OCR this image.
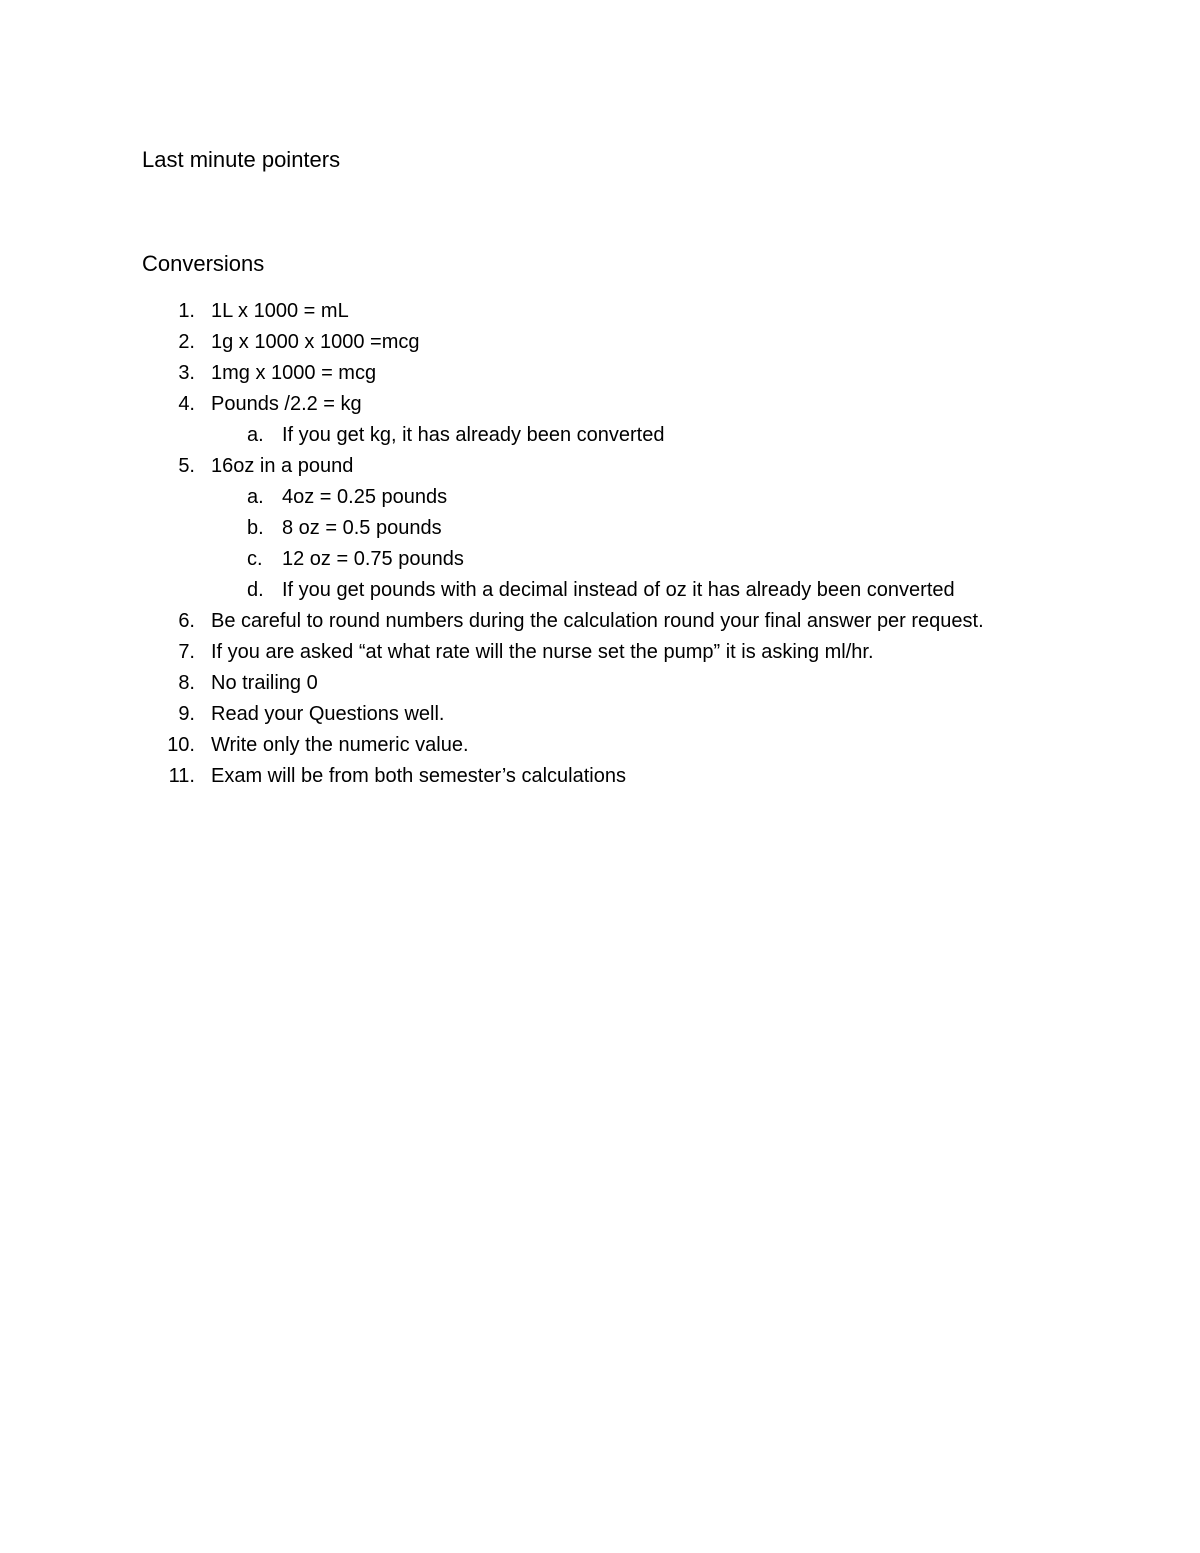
Last minute pointers
Conversions
1. 1L x 1000 = mL
2. 1g x 1000 x 1000 =mcg
3. 1mg x 1000 = mcg
4. Pounds /2.2 = kg
a. If you get kg, it has already been converted
5. 16oz in a pound
a. 4oz = 0.25 pounds
b. 8 oz = 0.5 pounds
c. 12 oz = 0.75 pounds
d. If you get pounds with a decimal instead of oz it has already been converted
6. Be careful to round numbers during the calculation round your final answer per request.
7. If you are asked “at what rate will the nurse set the pump” it is asking ml/hr.
8. No trailing 0
9. Read your Questions well.
10. Write only the numeric value.
11. Exam will be from both semester’s calculations
